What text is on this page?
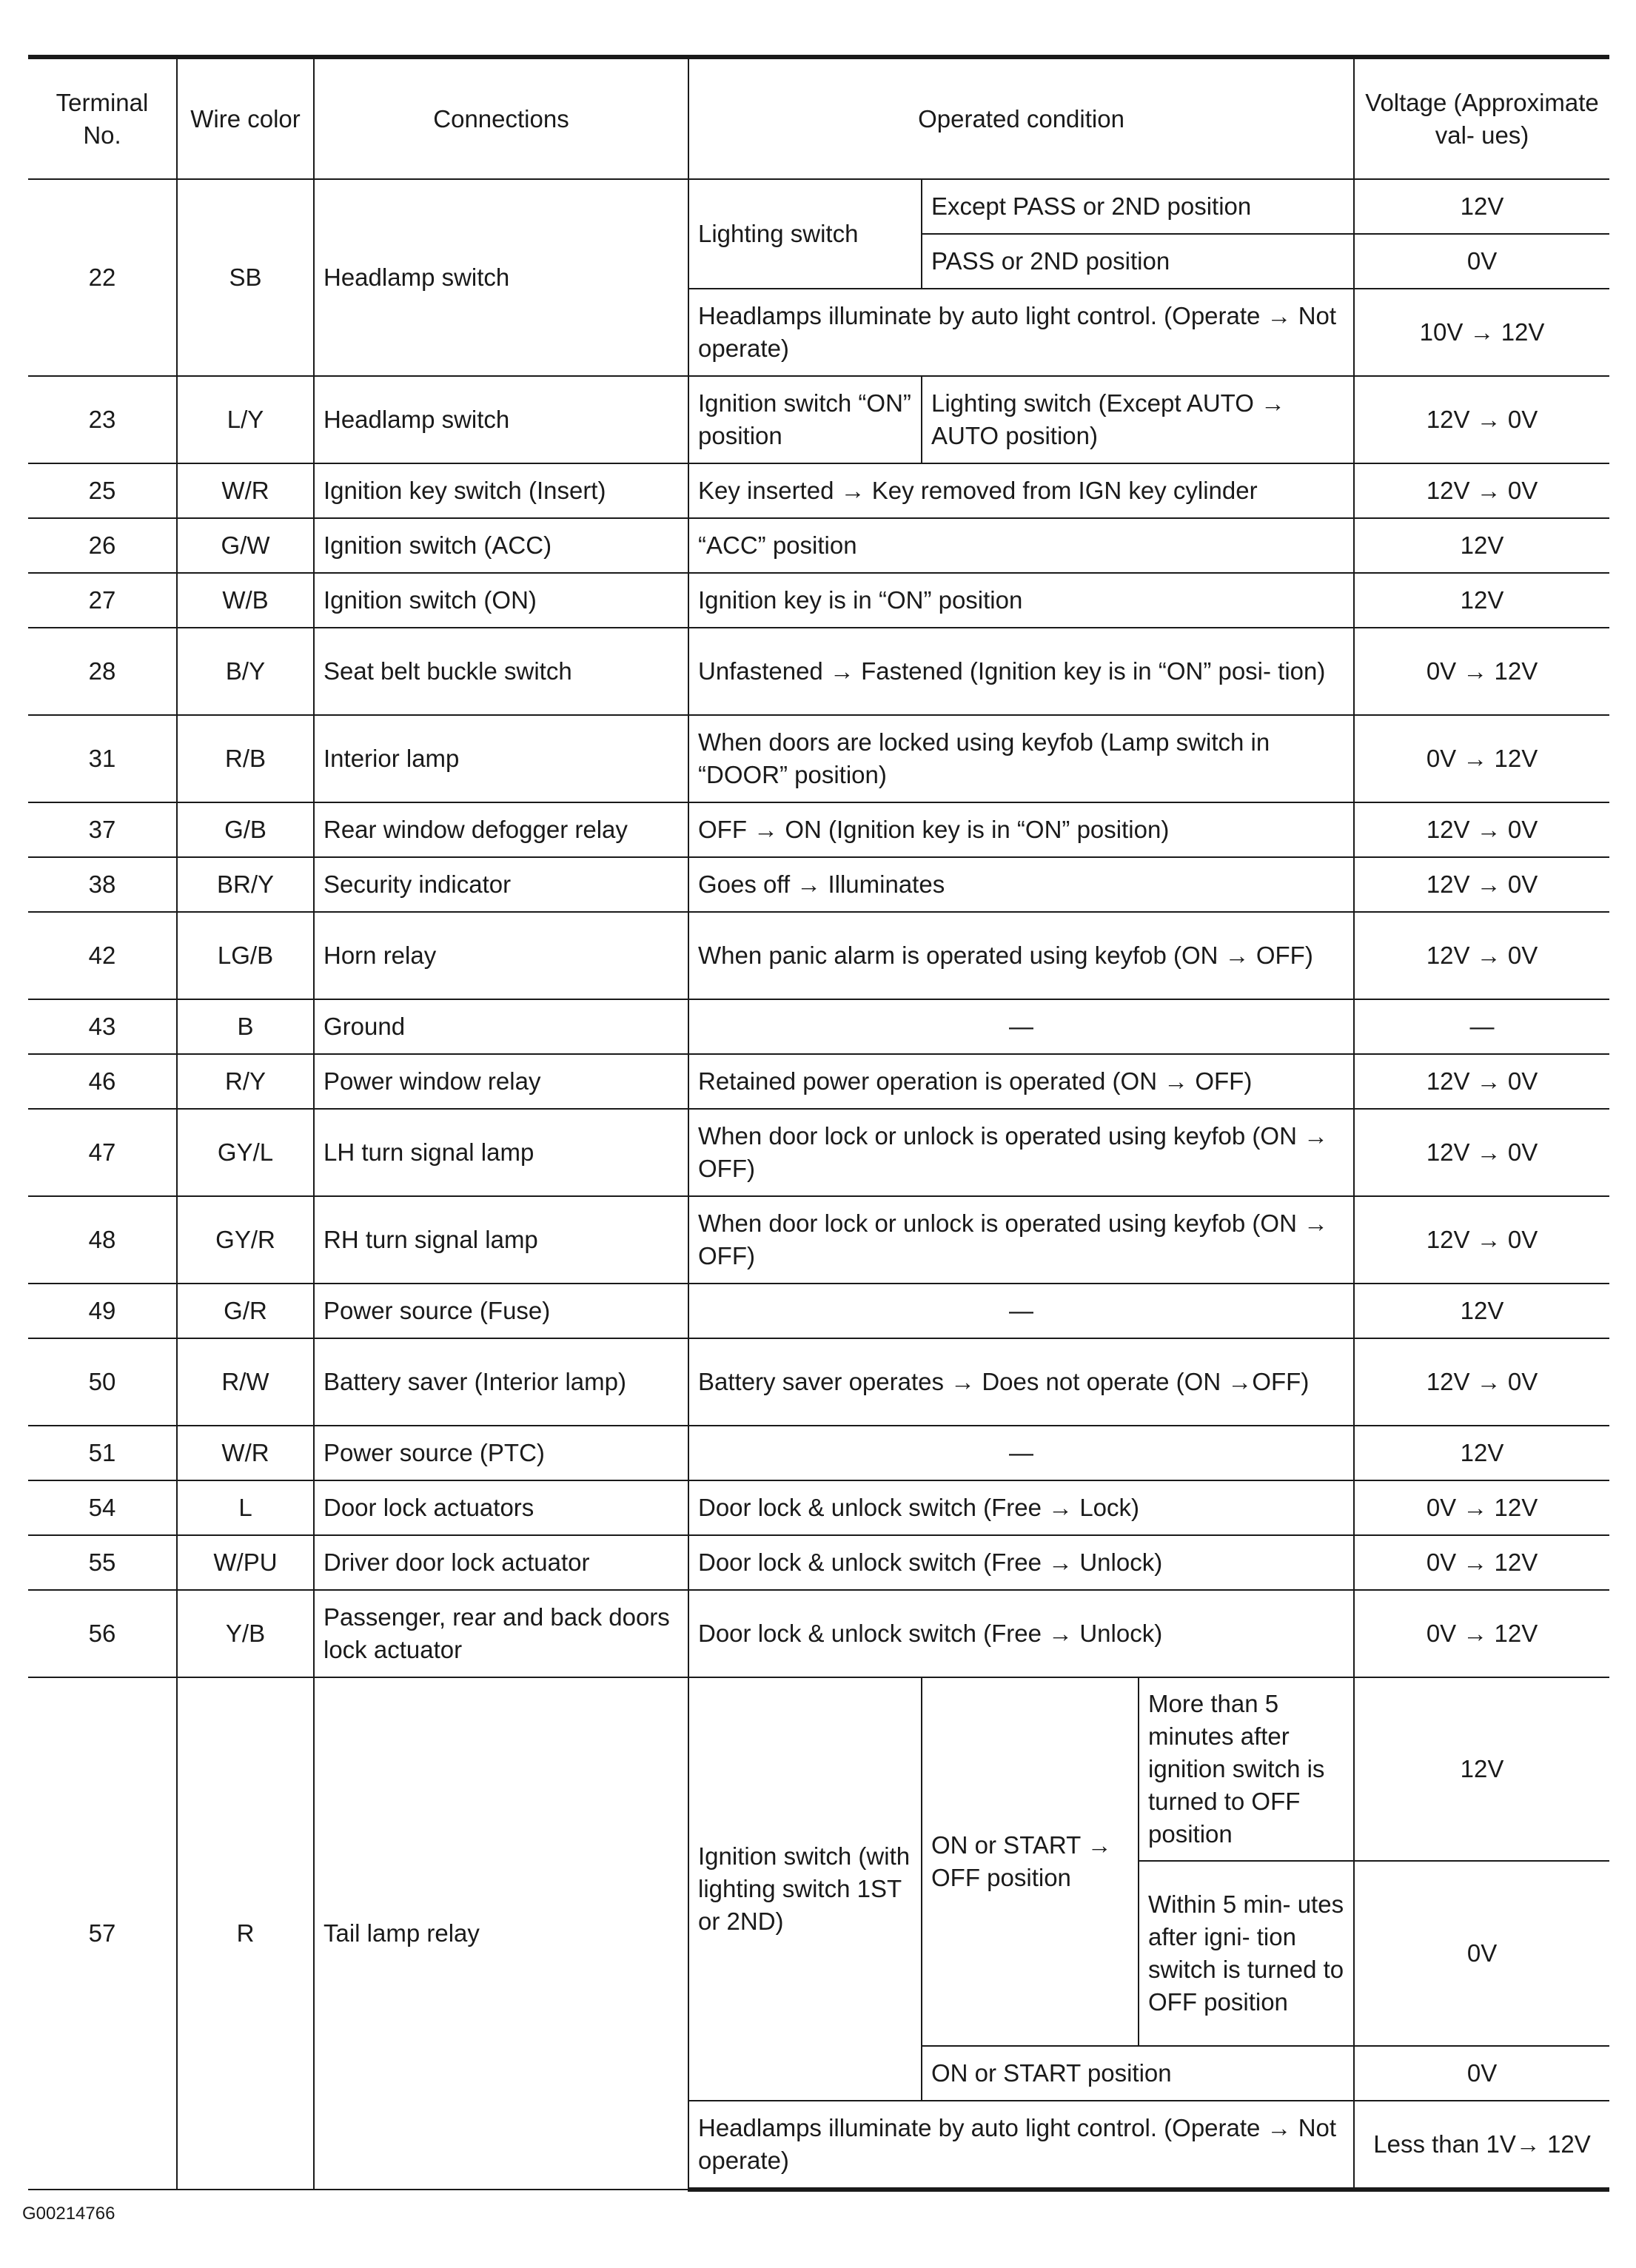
Terminal No.	Wire color	Connections	Operated condition			Voltage (Approximate val- ues)
22	SB	Headlamp switch	Lighting switch	Except PASS or 2ND position		12V
				PASS or 2ND position		0V
			Headlamps illuminate by auto light control. (Operate → Not operate)			10V → 12V
23	L/Y	Headlamp switch	Ignition switch “ON” position	Lighting switch (Except AUTO → AUTO position)		12V → 0V
25	W/R	Ignition key switch (Insert)	Key inserted → Key removed from IGN key cylinder			12V → 0V
26	G/W	Ignition switch (ACC)	“ACC” position			12V
27	W/B	Ignition switch (ON)	Ignition key is in “ON” position			12V
28	B/Y	Seat belt buckle switch	Unfastened → Fastened (Ignition key is in “ON” posi- tion)			0V → 12V
31	R/B	Interior lamp	When doors are locked using keyfob (Lamp switch in “DOOR” position)			0V → 12V
37	G/B	Rear window defogger relay	OFF → ON (Ignition key is in “ON” position)			12V → 0V
38	BR/Y	Security indicator	Goes off → Illuminates			12V → 0V
42	LG/B	Horn relay	When panic alarm is operated using keyfob (ON → OFF)			12V → 0V
43	B	Ground	—			—
46	R/Y	Power window relay	Retained power operation is operated (ON → OFF)			12V → 0V
47	GY/L	LH turn signal lamp	When door lock or unlock is operated using keyfob (ON → OFF)			12V → 0V
48	GY/R	RH turn signal lamp	When door lock or unlock is operated using keyfob (ON → OFF)			12V → 0V
49	G/R	Power source (Fuse)	—			12V
50	R/W	Battery saver (Interior lamp)	Battery saver operates → Does not operate (ON →OFF)			12V → 0V
51	W/R	Power source (PTC)	—			12V
54	L	Door lock actuators	Door lock & unlock switch (Free → Lock)			0V → 12V
55	W/PU	Driver door lock actuator	Door lock & unlock switch (Free → Unlock)			0V → 12V
56	Y/B	Passenger, rear and back doors lock actuator	Door lock & unlock switch (Free → Unlock)			0V → 12V
57	R	Tail lamp relay	Ignition switch (with lighting switch 1ST or 2ND)	ON or START → OFF position	More than 5 minutes after ignition switch is turned to OFF position	12V
					Within 5 min- utes after igni- tion switch is turned to OFF position	0V
				ON or START position		0V
			Headlamps illuminate by auto light control. (Operate → Not operate)			Less than 1V→ 12V
G00214766
